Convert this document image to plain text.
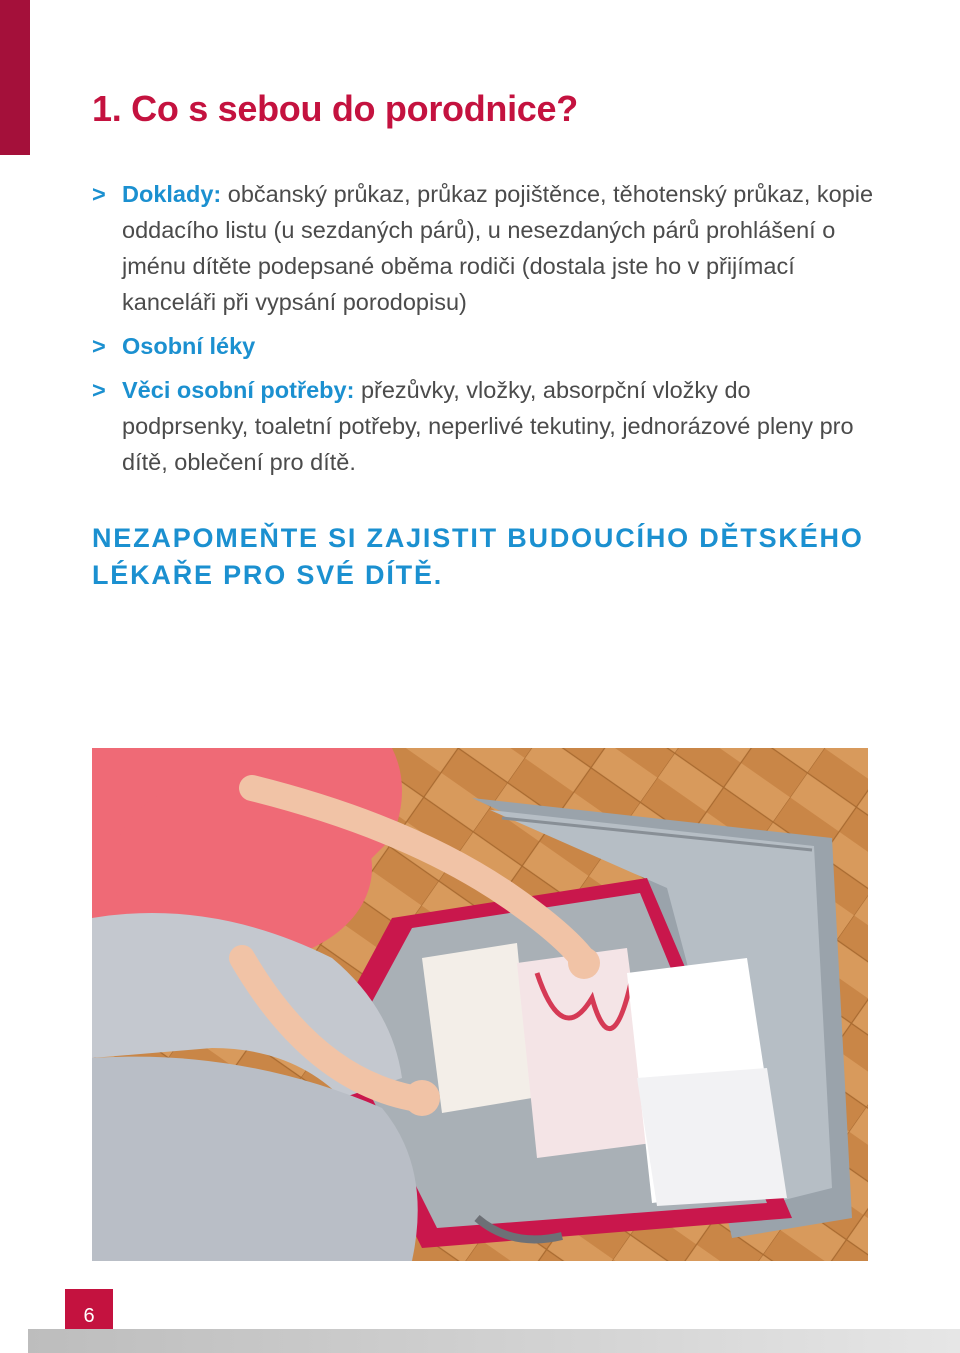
1. Co s sebou do porodnice?
> Doklady: občanský průkaz, průkaz pojištěnce, těhotenský průkaz, kopie oddacího listu (u sezdaných párů), u nesezdaných párů prohlášení o jménu dítěte podepsané oběma rodiči (dostala jste ho v přijímací kanceláři při vypsání porodopisu)
> Osobní léky
> Věci osobní potřeby: přezůvky, vložky, absorpční vložky do podprsenky, toaletní potřeby, neperlivé tekutiny, jednorázové pleny pro dítě, oblečení pro dítě.

NEZAPOMEŇTE SI ZAJISTIT BUDOUCÍHO DĚTSKÉHO
LÉKAŘE PRO SVÉ DÍTĚ.

6
